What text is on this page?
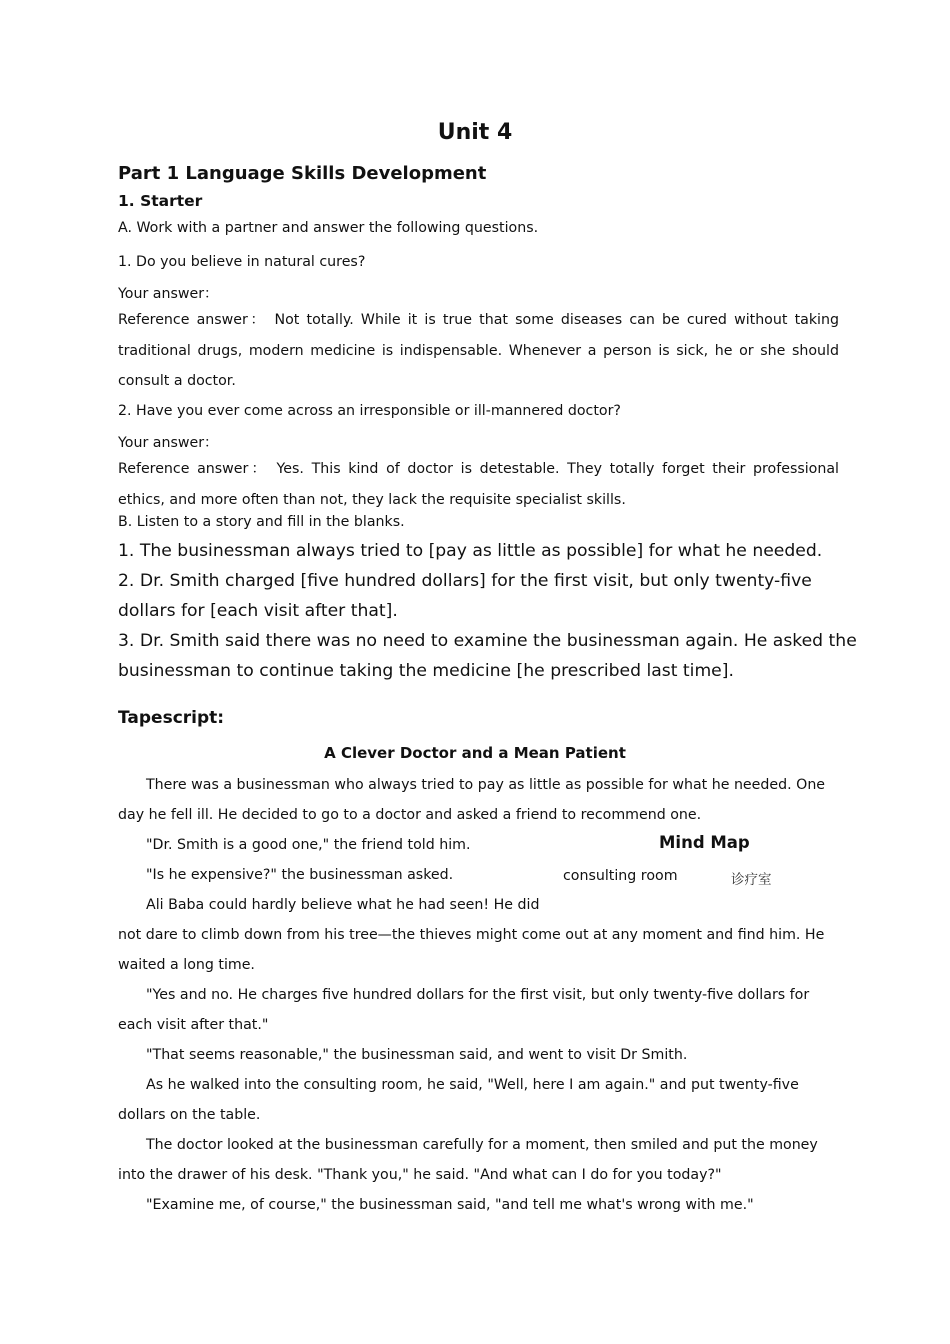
Unit 4
Part 1 Language Skills Development
1. Starter
A. Work with a partner and answer the following questions.
1. Do you believe in natural cures?
Your answer：
Reference answer： Not totally. While it is true that some diseases can be cured without taking traditional drugs, modern medicine is indispensable. Whenever a person is sick, he or she should consult a doctor.
2. Have you ever come across an irresponsible or ill-mannered doctor?
Your answer：
Reference answer： Yes. This kind of doctor is detestable. They totally forget their professional ethics, and more often than not, they lack the requisite specialist skills.
B. Listen to a story and fill in the blanks.
1. The businessman always tried to [pay as little as possible] for what he needed.
2. Dr. Smith charged [five hundred dollars] for the first visit, but only twenty-five
dollars for [each visit after that].
3. Dr. Smith said there was no need to examine the businessman again. He asked the
businessman to continue taking the medicine [he prescribed last time].
Tapescript:
A Clever Doctor and a Mean Patient
There was a businessman who always tried to pay as little as possible for what he needed. One
day he fell ill. He decided to go to a doctor and asked a friend to recommend one.
"Dr. Smith is a good one," the friend told him.
"Is he expensive?" the businessman asked.
Ali Baba could hardly believe what he had seen! He did
not dare to climb down from his tree—the thieves might come out at any moment and find him. He
waited a long time.
"Yes and no. He charges five hundred dollars for the first visit, but only twenty-five dollars for
each visit after that."
"That seems reasonable," the businessman said, and went to visit Dr Smith.
As he walked into the consulting room, he said, "Well, here I am again." and put twenty-five
dollars on the table.
The doctor looked at the businessman carefully for a moment, then smiled and put the money
into the drawer of his desk. "Thank you," he said. "And what can I do for you today?"
"Examine me, of course," the businessman said, "and tell me what's wrong with me."
Mind Map
consulting room	诊疗室
